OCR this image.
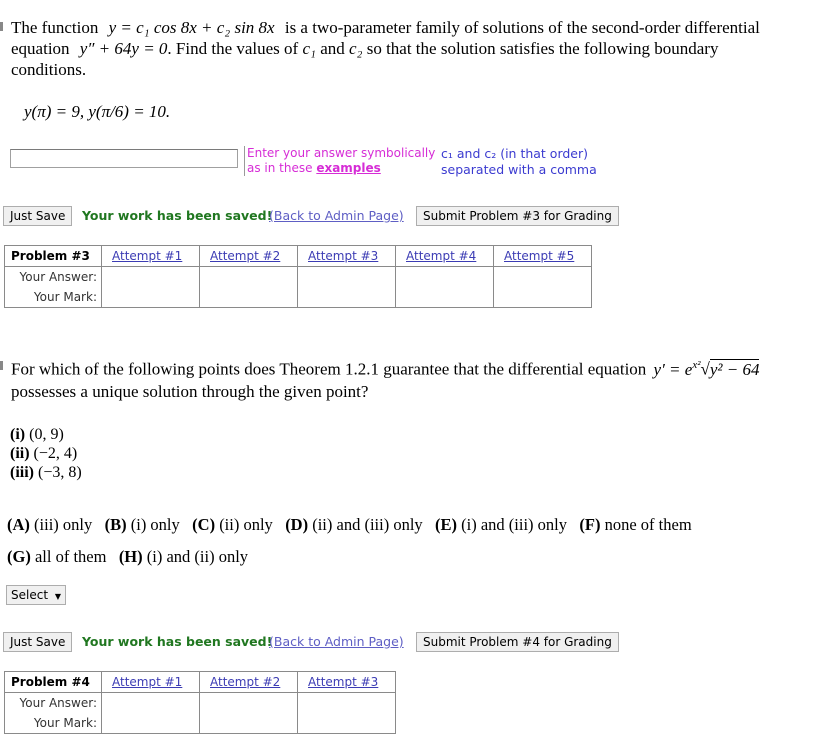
The function y = c₁ cos 8x + c₂ sin 8x is a two-parameter family of solutions of the second-order differential
equation y″ + 64y = 0. Find the values of c₁ and c₂ so that the solution satisfies the following boundary
conditions.
y(π) = 9, y(π/6) = 10.
Enter your answer symbolically
as in these examples
c₁ and c₂ (in that order)
separated with a comma
Just Save	Your work has been saved!
(Back to Admin Page)	Submit Problem #3 for Grading
Problem #3	Attempt #1	Attempt #2	Attempt #3	Attempt #4	Attempt #5
Your Answer:					
Your Mark:					
For which of the following points does Theorem 1.2.1 guarantee that the differential equation $y' = e^{x^2}√y^2 - 64$
possesses a unique solution through the given point?
(i) (0, 9)
(ii) (−2, 4)
(iii) (−3, 8)
(A) (iii) only (B) (i) only (C) (ii) only (D) (ii) and (iii) only (E) (i) and (iii) only (F) none of them
(G) all of them (H) (i) and (ii) only
Select ▼
Just Save	Your work has been saved!
(Back to Admin Page)	Submit Problem #4 for Grading
Problem #4	Attempt #1	Attempt #2	Attempt #3
Your Answer:			
Your Mark:			
